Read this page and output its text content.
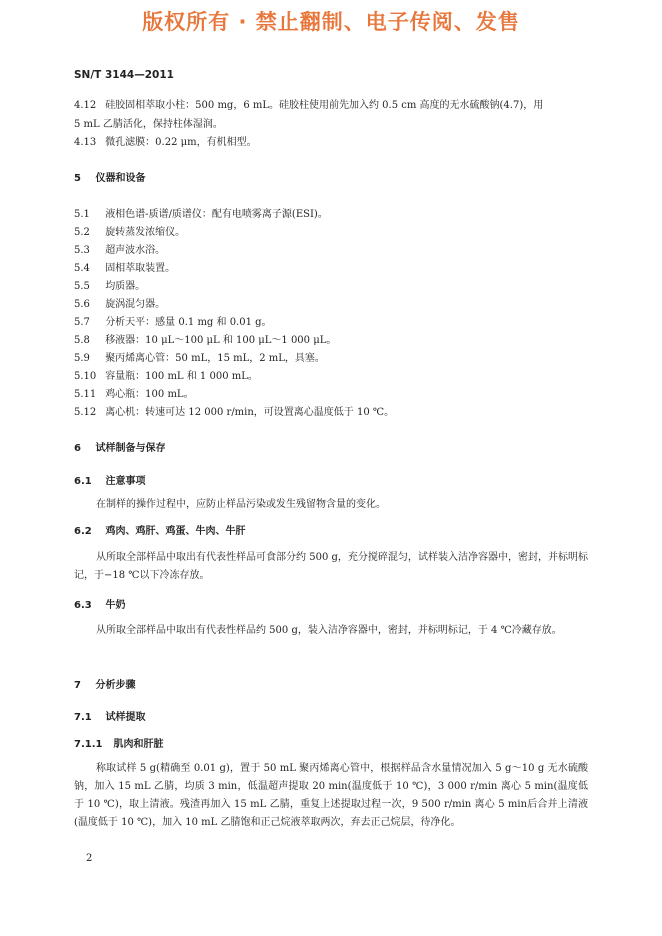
版权所有 · 禁止翻制、电子传阅、发售
SN/T 3144—2011
4.12 硅胶固相萃取小柱：500 mg，6 mL。硅胶柱使用前先加入约 0.5 cm 高度的无水硫酸钠(4.7)，用
5 mL 乙腈活化，保持柱体湿润。
4.13 微孔滤膜：0.22 μm，有机相型。
5 仪器和设备
5.1 液相色谱-质谱/质谱仪：配有电喷雾离子源(ESI)。
5.2 旋转蒸发浓缩仪。
5.3 超声波水浴。
5.4 固相萃取装置。
5.5 均质器。
5.6 旋涡混匀器。
5.7 分析天平：感量 0.1 mg 和 0.01 g。
5.8 移液器：10 μL～100 μL 和 100 μL～1 000 μL。
5.9 聚丙烯离心管：50 mL，15 mL，2 mL，具塞。
5.10 容量瓶：100 mL 和 1 000 mL。
5.11 鸡心瓶：100 mL。
5.12 离心机：转速可达 12 000 r/min，可设置离心温度低于 10 ℃。
6 试样制备与保存
6.1 注意事项
在制样的操作过程中，应防止样品污染或发生残留物含量的变化。
6.2 鸡肉、鸡肝、鸡蛋、牛肉、牛肝
从所取全部样品中取出有代表性样品可食部分约 500 g，充分搅碎混匀，试样装入洁净容器中，密封，并标明标记，于−18 ℃以下冷冻存放。
6.3 牛奶
从所取全部样品中取出有代表性样品约 500 g，装入洁净容器中，密封，并标明标记，于 4 ℃冷藏存放。
7 分析步骤
7.1 试样提取
7.1.1 肌肉和肝脏
称取试样 5 g(精确至 0.01 g)，置于 50 mL 聚丙烯离心管中，根据样品含水量情况加入 5 g～10 g 无水硫酸钠，加入 15 mL 乙腈，均质 3 min，低温超声提取 20 min(温度低于 10 ℃)，3 000 r/min 离心 5 min(温度低于 10 ℃)，取上清液。残渣再加入 15 mL 乙腈，重复上述提取过程一次，9 500 r/min 离心 5 min后合并上清液(温度低于 10 ℃)，加入 10 mL 乙腈饱和正己烷液萃取两次，弃去正己烷层，待净化。
2
